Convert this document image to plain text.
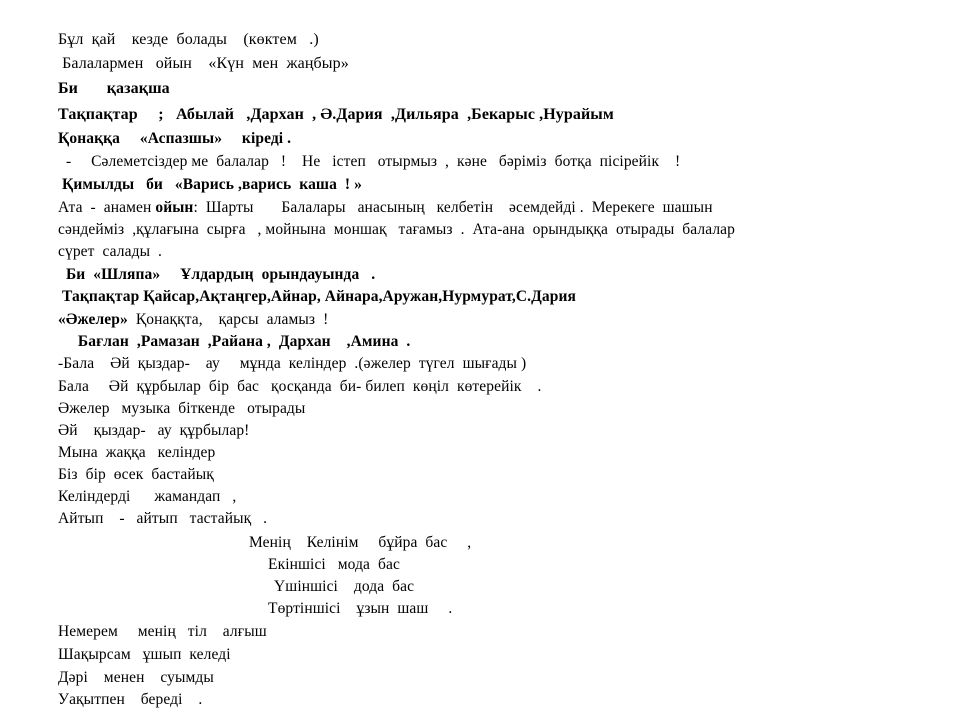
Бұл  қай    кезде  болады    (көктем   .)
Балалармен   ойын    «Күн  мен  жаңбыр»
Би       қазақша
Тақпақтар     ;   Абылай   ,Дархан  , Ә.Дария  ,Дильяра  ,Бекарыс ,Нурайым
Қонаққа     «Аспазшы»     кіреді .
-     Сәлеметсіздер ме  балалар   !    Не   істеп   отырмыз  ,  кәне   бәріміз  ботқа  пісірейік    !
Қимылды   би   «Варись ,варись  каша  ! »
Ата  -  анамен ойын:  Шарты       Балалары   анасының   келбетін    әсемдейді .  Мерекеге  шашын
сәндейміз  ,құлағына  сырға   , мойнына  моншақ   тағамыз  .  Ата-ана  орындыққа  отырады  балалар
сүрет  салады  .
Би  «Шляпа»     Ұлдардың  орындауында   .
Тақпақтар Қайсар,Ақтаңгер,Айнар, Айнара,Аружан,Нурмурат,С.Дария
«Әжелер»  Қонаққта,    қарсы  аламыз  !
Бағлан  ,Рамазан  ,Райана ,  Дархан    ,Амина  .
-Бала    Әй  қыздар-    ау     мұнда  келіндер  .(әжелер  түгел  шығады )
Бала     Әй  құрбылар  бір  бас   қосқанда  би- билеп  көңіл  көтерейік    .
Әжелер   музыка  біткенде   отырады
Әй    қыздар-   ау  құрбылар!
Мына  жаққа   келіндер
Біз  бір  өсек  бастайық
Келіндерді      жамандап   ,
Айтып    -   айтып   тастайық   .
Менің    Келінім     бұйра  бас     ,
Екіншісі   мода  бас
Үшіншісі    дода  бас
Төртіншісі    ұзын  шаш     .
Немерем     менің   тіл    алғыш
Шақырсам   ұшып  келеді
Дәрі    менен    суымды
Уақытпен    береді    .
